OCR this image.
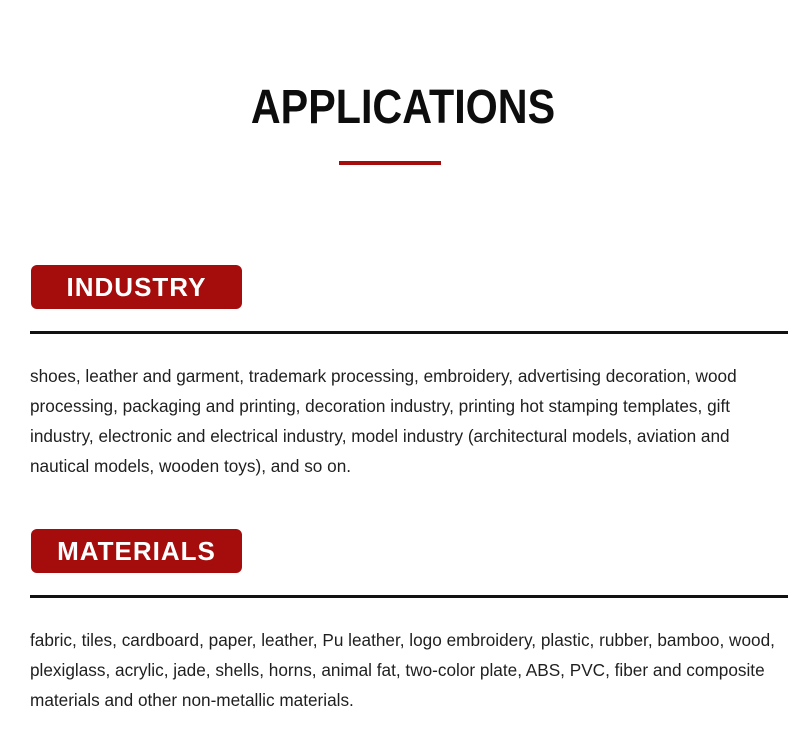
APPLICATIONS
INDUSTRY

shoes, leather and garment, trademark processing, embroidery, advertising decoration, wood processing, packaging and printing, decoration industry, printing hot stamping templates, gift industry, electronic and electrical industry, model industry (architectural models, aviation and nautical models, wooden toys), and so on.

MATERIALS

fabric, tiles, cardboard, paper, leather, Pu leather, logo embroidery, plastic, rubber, bamboo, wood, plexiglass, acrylic, jade, shells, horns, animal fat, two-color plate, ABS, PVC, fiber and composite materials and other non-metallic materials.
